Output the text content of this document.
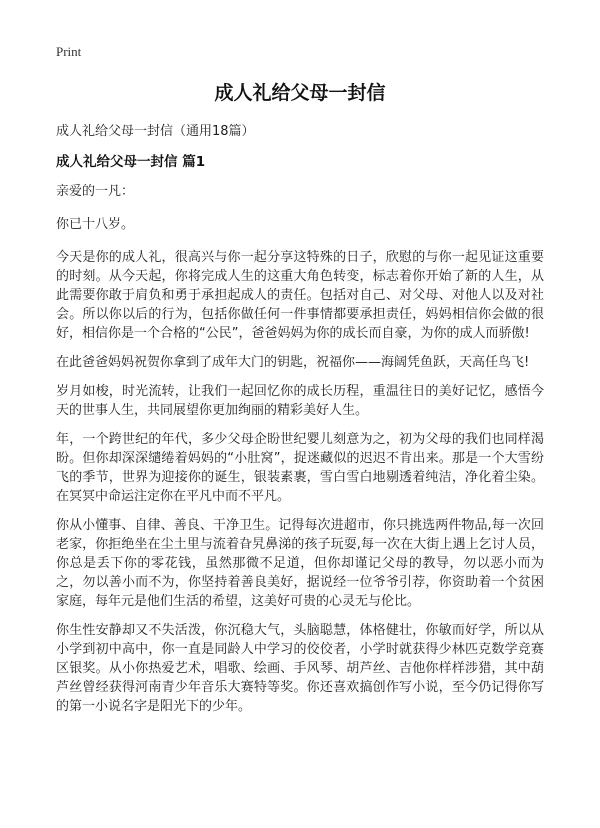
Print
成人礼给父母一封信
成人礼给父母一封信（通用18篇）
成人礼给父母一封信 篇1

亲爱的一凡：

你已十八岁。

今天是你的成人礼，很高兴与你一起分享这特殊的日子，欣慰的与你一起见证这重要的时刻。从今天起，你将完成人生的这重大角色转变，标志着你开始了新的人生，从此需要你敢于肩负和勇于承担起成人的责任。包括对自己、对父母、对他人以及对社会。所以你以后的行为，包括你做任何一件事情都要承担责任，妈妈相信你会做的很好，相信你是一个合格的“公民”，爸爸妈妈为你的成长而自豪，为你的成人而骄傲!

在此爸爸妈妈祝贺你拿到了成年大门的钥匙，祝福你——海阔凭鱼跃，天高任鸟飞!

岁月如梭，时光流转，让我们一起回忆你的成长历程，重温往日的美好记忆，感悟今天的世事人生，共同展望你更加绚丽的精彩美好人生。

年，一个跨世纪的年代，多少父母企盼世纪婴儿刻意为之，初为父母的我们也同样渴盼。但你却深深缱绻着妈妈的“小肚窝”，捉迷藏似的迟迟不肯出来。那是一个大雪纷飞的季节，世界为迎接你的诞生，银装素裹，雪白雪白地剔透着纯洁，净化着尘染。在冥冥中命运注定你在平凡中而不平凡。

你从小懂事、自律、善良、干净卫生。记得每次进超市，你只挑选两件物品,每一次回老家，你拒绝坐在尘土里与流着旮旯鼻涕的孩子玩耍,每一次在大街上遇上乞讨人员，你总是丢下你的零花钱，虽然那微不足道，但你却谨记父母的教导，勿以恶小而为之，勿以善小而不为，你坚持着善良美好，据说经一位爷爷引荐，你资助着一个贫困家庭，每年元是他们生活的希望，这美好可贵的心灵无与伦比。

你生性安静却又不失活泼，你沉稳大气，头脑聪慧，体格健壮，你敏而好学，所以从小学到初中高中，你一直是同龄人中学习的佼佼者，小学时就获得少林匹克数学竞赛区银奖。从小你热爱艺术，唱歌、绘画、手风琴、胡芦丝、吉他你样样涉猎，其中葫芦丝曾经获得河南青少年音乐大赛特等奖。你还喜欢搞创作写小说，至今仍记得你写的第一小说名字是阳光下的少年。
